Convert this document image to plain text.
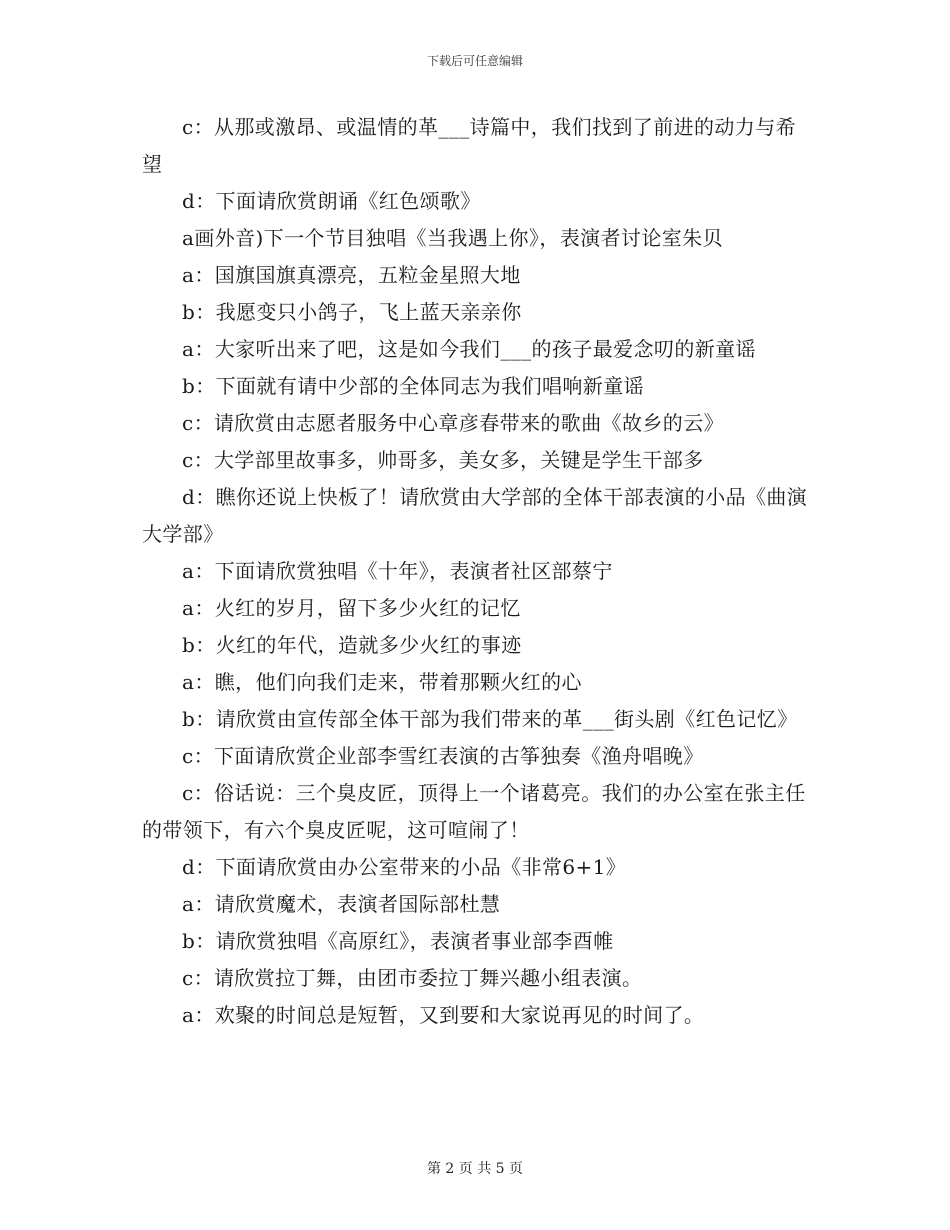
下载后可任意编辑

c：从那或激昂、或温情的革___诗篇中，我们找到了前进的动力与希望

d：下面请欣赏朗诵《红色颂歌》

a画外音)下一个节目独唱《当我遇上你》，表演者讨论室朱贝

a：国旗国旗真漂亮，五粒金星照大地

b：我愿变只小鸽子，飞上蓝天亲亲你

a：大家听出来了吧，这是如今我们___的孩子最爱念叨的新童谣

b：下面就有请中少部的全体同志为我们唱响新童谣

c：请欣赏由志愿者服务中心章彦春带来的歌曲《故乡的云》

c：大学部里故事多，帅哥多，美女多，关键是学生干部多

d：瞧你还说上快板了！请欣赏由大学部的全体干部表演的小品《曲演大学部》

a：下面请欣赏独唱《十年》，表演者社区部蔡宁

a：火红的岁月，留下多少火红的记忆

b：火红的年代，造就多少火红的事迹

a：瞧，他们向我们走来，带着那颗火红的心

b：请欣赏由宣传部全体干部为我们带来的革___街头剧《红色记忆》

c：下面请欣赏企业部李雪红表演的古筝独奏《渔舟唱晚》

c：俗话说：三个臭皮匠，顶得上一个诸葛亮。我们的办公室在张主任的带领下，有六个臭皮匠呢，这可喧闹了！

d：下面请欣赏由办公室带来的小品《非常6+1》

a：请欣赏魔术，表演者国际部杜慧

b：请欣赏独唱《高原红》，表演者事业部李酉帷

c：请欣赏拉丁舞，由团市委拉丁舞兴趣小组表演。

a：欢聚的时间总是短暂，又到要和大家说再见的时间了。

第 2 页 共 5 页
